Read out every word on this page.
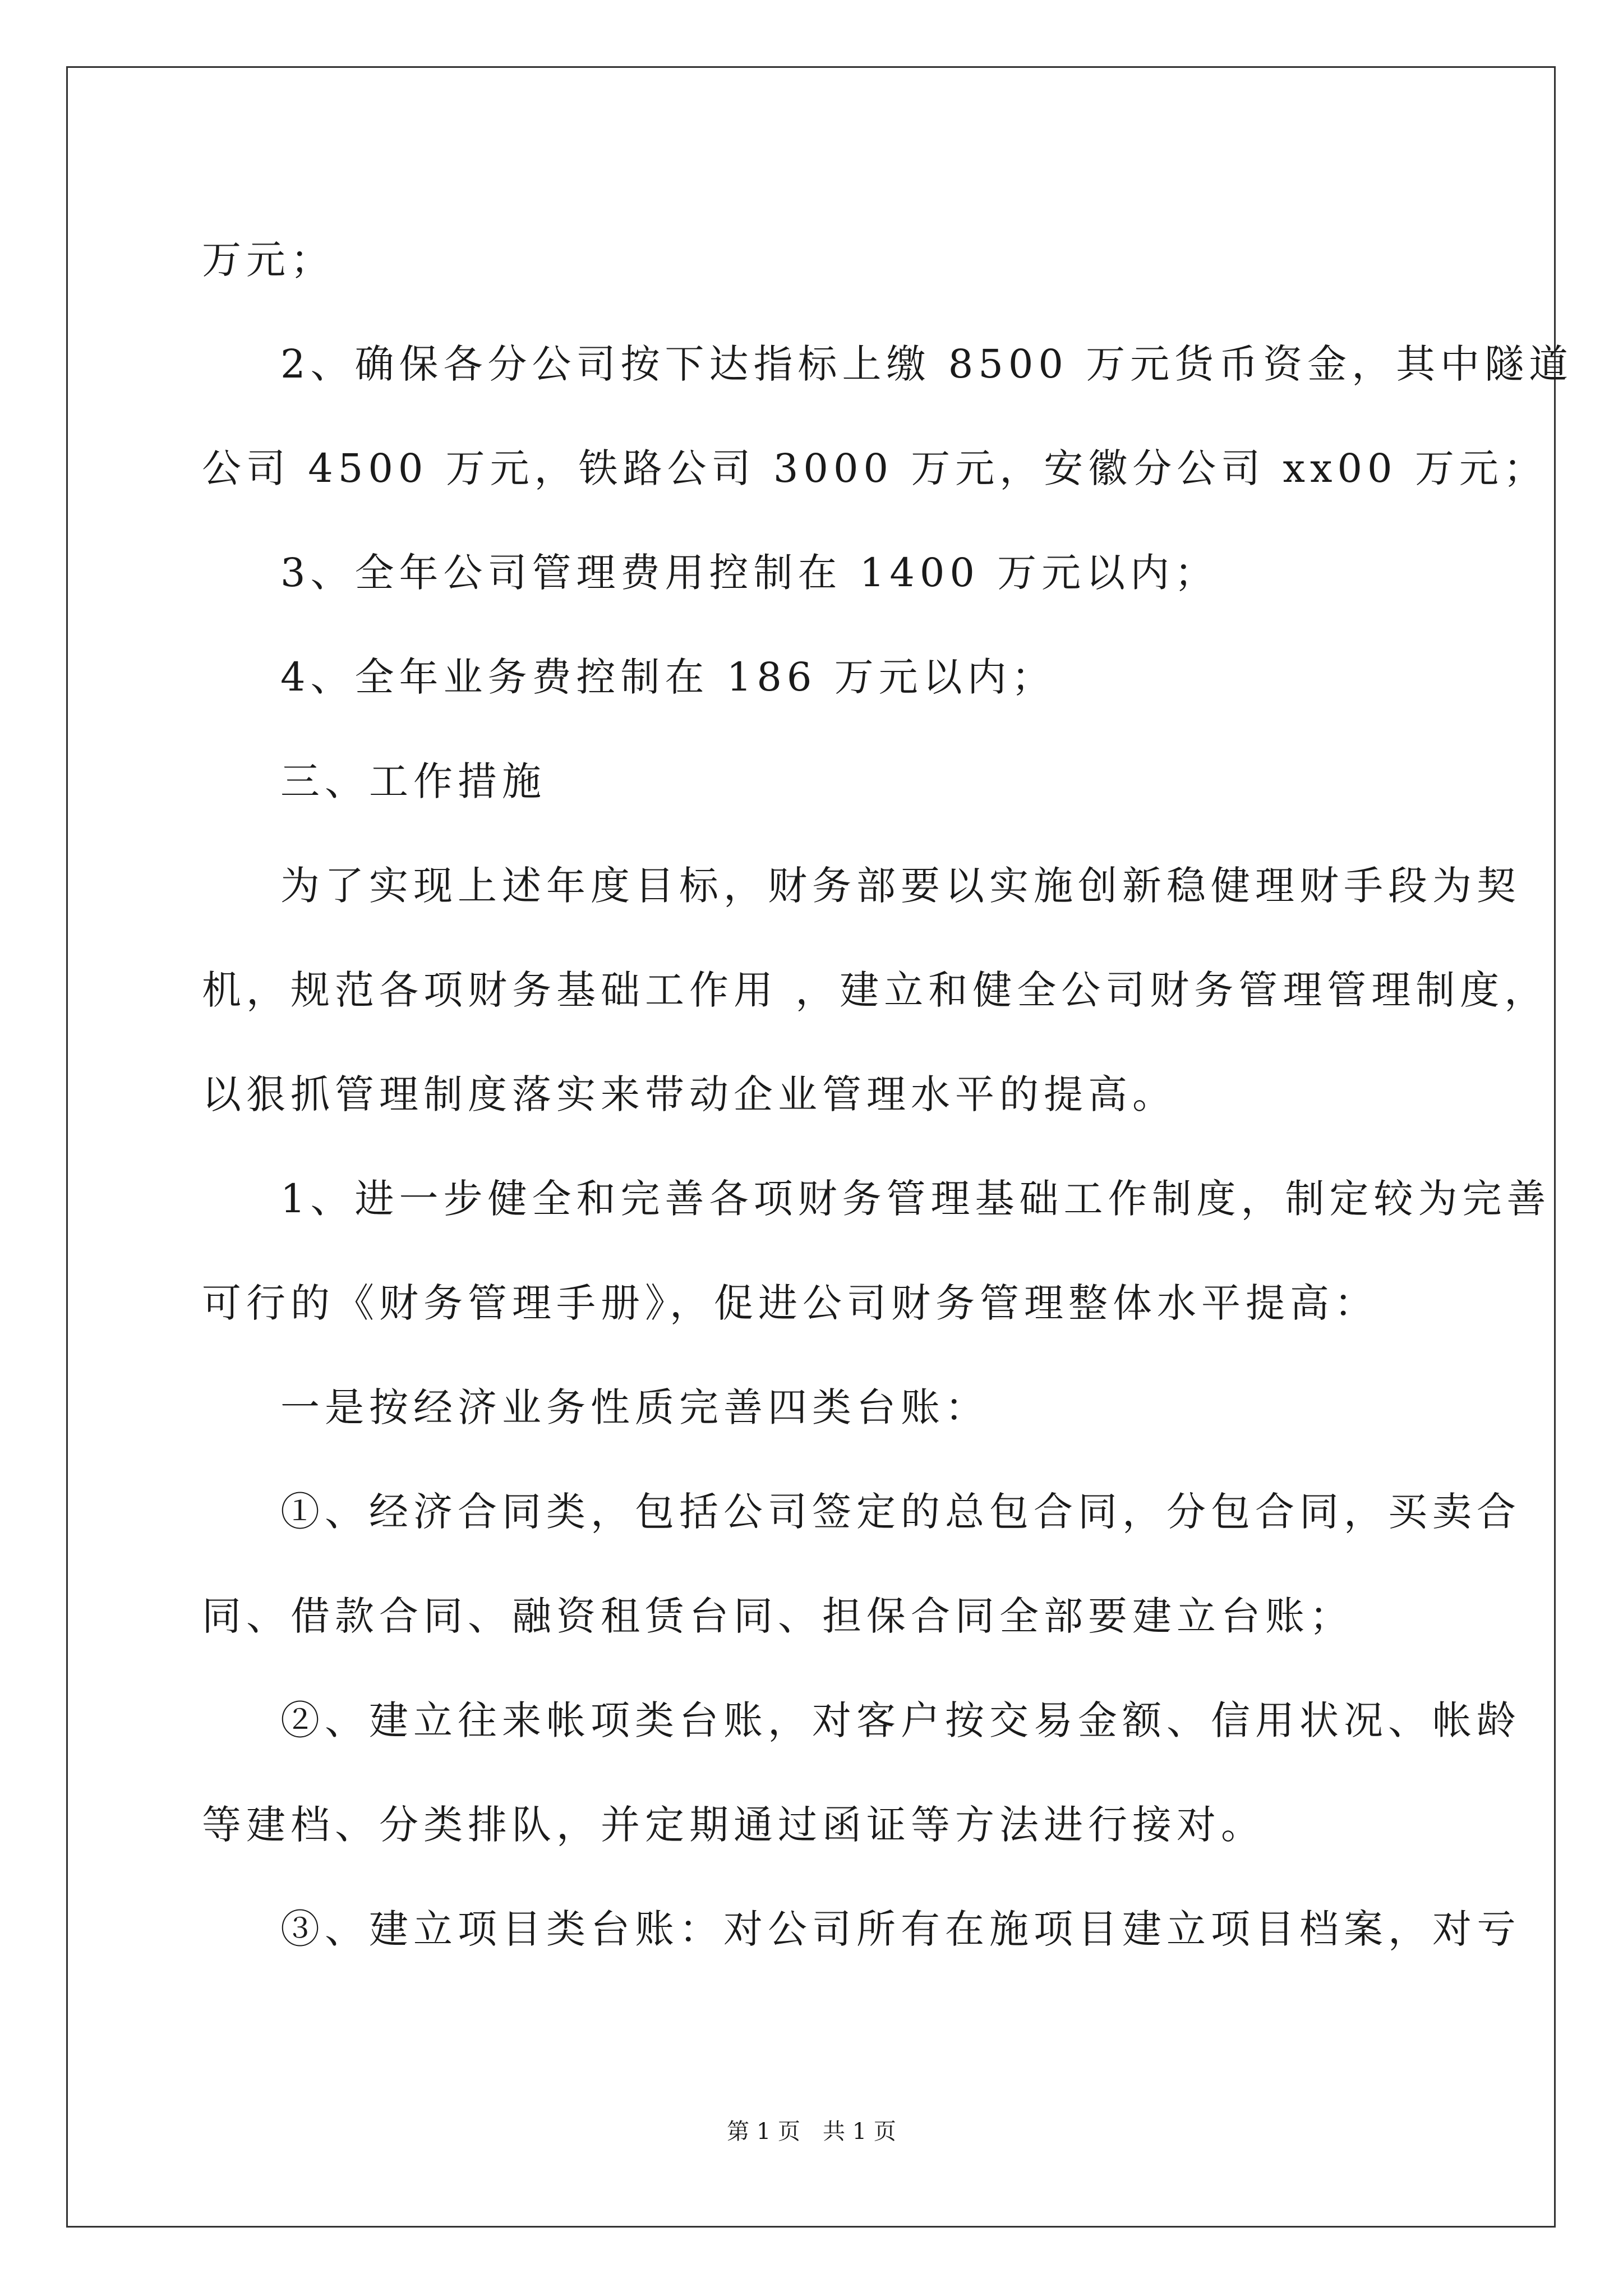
万元；

2、确保各分公司按下达指标上缴 8500 万元货币资金，其中隧道

公司 4500 万元，铁路公司 3000 万元，安徽分公司 xx00 万元；

3、全年公司管理费用控制在 1400 万元以内；

4、全年业务费控制在 186 万元以内；

三、工作措施

为了实现上述年度目标，财务部要以实施创新稳健理财手段为契

机，规范各项财务基础工作用 ，建立和健全公司财务管理管理制度，

以狠抓管理制度落实来带动企业管理水平的提高。

1、进一步健全和完善各项财务管理基础工作制度，制定较为完善

可行的《财务管理手册》，促进公司财务管理整体水平提高：

一是按经济业务性质完善四类台账：

①、经济合同类，包括公司签定的总包合同，分包合同，买卖合

同、借款合同、融资租赁台同、担保合同全部要建立台账；

②、建立往来帐项类台账，对客户按交易金额、信用状况、帐龄

等建档、分类排队，并定期通过函证等方法进行接对。

③、建立项目类台账：对公司所有在施项目建立项目档案，对亏

第 1 页　共 1 页
